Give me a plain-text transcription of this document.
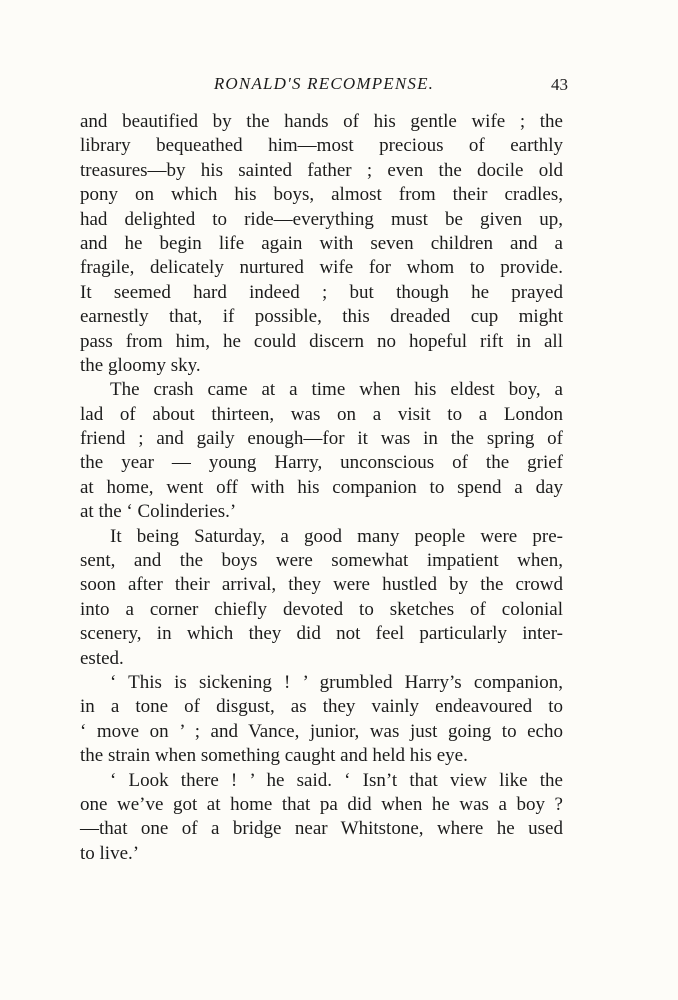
RONALD'S RECOMPENSE.	43
and beautified by the hands of his gentle wife ; the
library bequeathed him—most precious of earthly
treasures—by his sainted father ; even the docile old
pony on which his boys, almost from their cradles,
had delighted to ride—everything must be given up,
and he begin life again with seven children and a
fragile, delicately nurtured wife for whom to provide.
It seemed hard indeed ; but though he prayed
earnestly that, if possible, this dreaded cup might
pass from him, he could discern no hopeful rift in all
the gloomy sky.
The crash came at a time when his eldest boy, a
lad of about thirteen, was on a visit to a London
friend ; and gaily enough—for it was in the spring of
the year — young Harry, unconscious of the grief
at home, went off with his companion to spend a day
at the ‘ Colinderies.’
It being Saturday, a good many people were pre-
sent, and the boys were somewhat impatient when,
soon after their arrival, they were hustled by the crowd
into a corner chiefly devoted to sketches of colonial
scenery, in which they did not feel particularly inter-
ested.
‘ This is sickening ! ’ grumbled Harry’s companion,
in a tone of disgust, as they vainly endeavoured to
‘ move on ’ ; and Vance, junior, was just going to echo
the strain when something caught and held his eye.
‘ Look there ! ’ he said. ‘ Isn’t that view like the
one we’ve got at home that pa did when he was a boy ?
—that one of a bridge near Whitstone, where he used
to live.’
